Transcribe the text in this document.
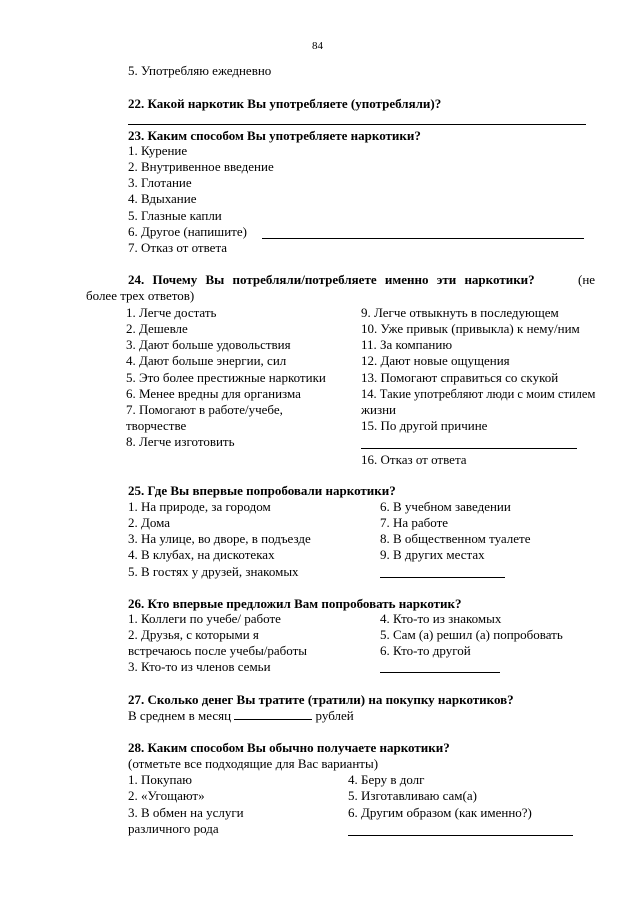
84
5. Употребляю ежедневно
22. Какой наркотик Вы употребляете (употребляли)?
23. Каким способом Вы употребляете наркотики?
1. Курение
2. Внутривенное введение
3. Глотание
4. Вдыхание
5. Глазные капли
6. Другое (напишите)
7. Отказ от ответа
24. Почему Вы потребляли/потребляете именно эти наркотики?	(не
более трех ответов)
1. Легче достать
2. Дешевле
3. Дают больше удовольствия
4. Дают больше энергии, сил
5. Это более престижные наркотики
6. Менее вредны для организма
7. Помогают в работе/учебе,
творчестве
8. Легче изготовить
9. Легче отвыкнуть в последующем
10. Уже привык (привыкла) к нему/ним
11. За компанию
12. Дают новые ощущения
13. Помогают справиться со скукой
14. Такие употребляют люди с моим стилем
жизни
15. По другой причине
16. Отказ от ответа
25. Где Вы впервые попробовали наркотики?
1. На природе, за городом
2. Дома
3. На улице, во дворе, в подъезде
4. В клубах, на дискотеках
5. В гостях у друзей, знакомых
6. В учебном заведении
7. На работе
8. В общественном туалете
9. В других местах
26. Кто впервые предложил Вам попробовать наркотик?
1. Коллеги по учебе/ работе
2. Друзья, с которыми я
встречаюсь после учебы/работы
3. Кто-то из членов семьи
4. Кто-то из знакомых
5. Сам (а) решил (а) попробовать
6. Кто-то другой
27. Сколько денег Вы тратите (тратили) на покупку наркотиков?
В среднем в месяц	рублей
28. Каким способом Вы обычно получаете наркотики?
(отметьте все подходящие для Вас варианты)
1. Покупаю
2. «Угощают»
3. В обмен на услуги
различного рода
4. Беру в долг
5. Изготавливаю сам(а)
6. Другим образом (как именно?)
